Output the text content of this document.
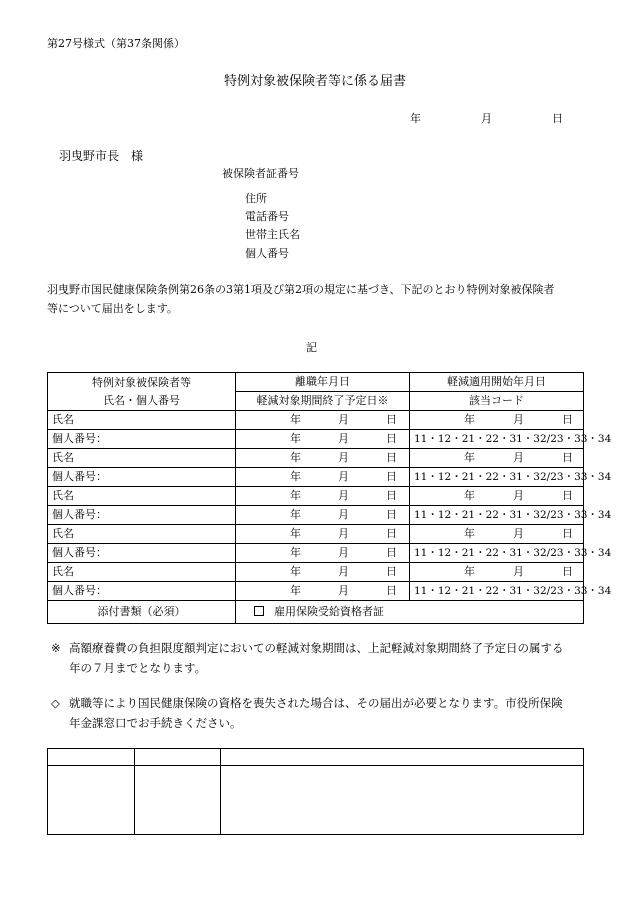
第27号様式（第37条関係）
特例対象被保険者等に係る届書
年	月	日
羽曳野市長　様
被保険者証番号
住所
電話番号
世帯主氏名
個人番号
羽曳野市国民健康保険条例第26条の3第1項及び第2項の規定に基づき、下記のとおり特例対象被保険者
等について届出をします。
記
特例対象被保険者等
氏名・個人番号	離職年月日	軽減適用開始年月日
	軽減対象期間終了予定日※	該当コード
氏名	年 月 日	年 月 日

個人番号：	年 月 日	11・12・21・22・31・32/23・33・34
氏名	年 月 日	年 月 日

個人番号：	年 月 日	11・12・21・22・31・32/23・33・34
氏名	年 月 日	年 月 日

個人番号：	年 月 日	11・12・21・22・31・32/23・33・34
氏名	年 月 日	年 月 日

個人番号：	年 月 日	11・12・21・22・31・32/23・33・34
氏名	年 月 日	年 月 日

個人番号：	年 月 日	11・12・21・22・31・32/23・33・34
添付書類（必須）	雇用保険受給資格者証	
※ 高額療養費の負担限度額判定においての軽減対象期間は、上記軽減対象期間終了予定日の属する
年の７月までとなります。
◇ 就職等により国民健康保険の資格を喪失された場合は、その届出が必要となります。市役所保険
年金課窓口でお手続きください。
